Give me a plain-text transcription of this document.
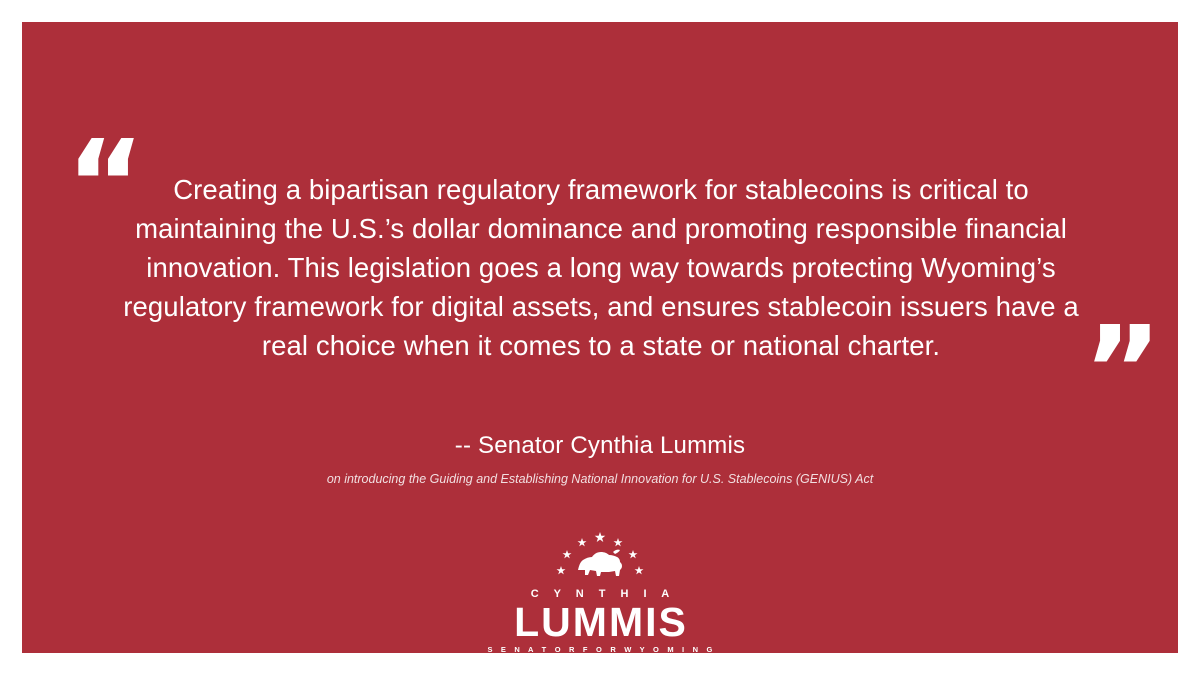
“	Creating a bipartisan regulatory framework for stablecoins is critical to maintaining the U.S.’s dollar dominance and promoting responsible financial innovation. This legislation goes a long way towards protecting Wyoming’s regulatory framework for digital assets, and ensures stablecoin issuers have a real choice when it comes to a state or national charter.	”
-- Senator Cynthia Lummis
on introducing the Guiding and Establishing National Innovation for U.S. Stablecoins (GENIUS) Act
C Y N T H I A
LUMMIS
S E N A T O R F O R W Y O M I N G
